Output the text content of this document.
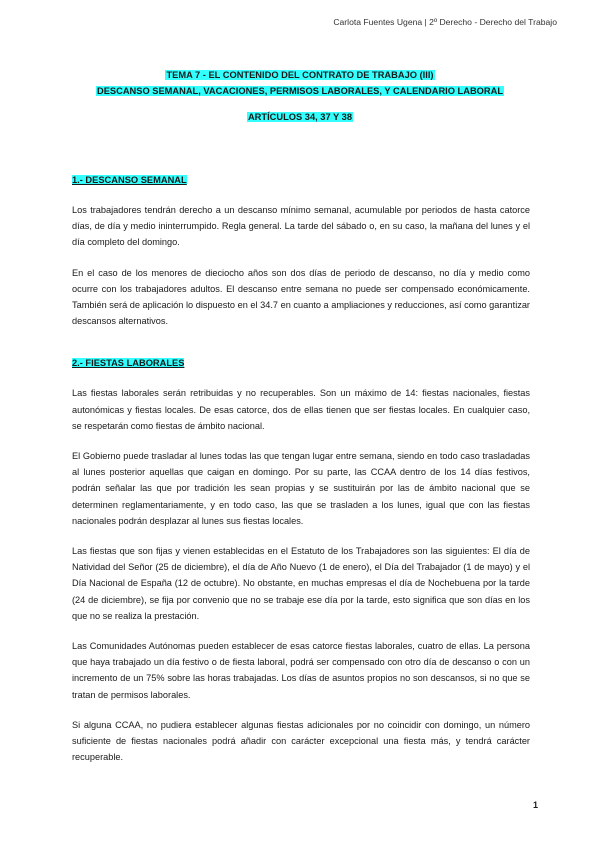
Carlota Fuentes Ugena | 2º Derecho - Derecho del Trabajo

TEMA 7 - EL CONTENIDO DEL CONTRATO DE TRABAJO (III)

DESCANSO SEMANAL, VACACIONES, PERMISOS LABORALES, Y CALENDARIO LABORAL

ARTÍCULOS 34, 37 Y 38
1.- DESCANSO SEMANAL

Los trabajadores tendrán derecho a un descanso mínimo semanal, acumulable por periodos de hasta catorce días, de día y medio ininterrumpido. Regla general. La tarde del sábado o, en su caso, la mañana del lunes y el día completo del domingo.

En el caso de los menores de dieciocho años son dos días de periodo de descanso, no día y medio como ocurre con los trabajadores adultos. El descanso entre semana no puede ser compensado económicamente. También será de aplicación lo dispuesto en el 34.7 en cuanto a ampliaciones y reducciones, así como garantizar descansos alternativos.

2.- FIESTAS LABORALES

Las fiestas laborales serán retribuidas y no recuperables. Son un máximo de 14: fiestas nacionales, fiestas autonómicas y fiestas locales. De esas catorce, dos de ellas tienen que ser fiestas locales. En cualquier caso, se respetarán como fiestas de ámbito nacional.

El Gobierno puede trasladar al lunes todas las que tengan lugar entre semana, siendo en todo caso trasladadas al lunes posterior aquellas que caigan en domingo. Por su parte, las CCAA dentro de los 14 días festivos, podrán señalar las que por tradición les sean propias y se sustituirán por las de ámbito nacional que se determinen reglamentariamente, y en todo caso, las que se trasladen a los lunes, igual que con las fiestas nacionales podrán desplazar al lunes sus fiestas locales.

Las fiestas que son fijas y vienen establecidas en el Estatuto de los Trabajadores son las siguientes: El día de Natividad del Señor (25 de diciembre), el día de Año Nuevo (1 de enero), el Día del Trabajador (1 de mayo) y el Día Nacional de España (12 de octubre). No obstante, en muchas empresas el día de Nochebuena por la tarde (24 de diciembre), se fija por convenio que no se trabaje ese día por la tarde, esto significa que son días en los que no se realiza la prestación.

Las Comunidades Autónomas pueden establecer de esas catorce fiestas laborales, cuatro de ellas. La persona que haya trabajado un día festivo o de fiesta laboral, podrá ser compensado con otro día de descanso o con un incremento de un 75% sobre las horas trabajadas. Los días de asuntos propios no son descansos, si no que se tratan de permisos laborales.

Si alguna CCAA, no pudiera establecer algunas fiestas adicionales por no coincidir con domingo, un número suficiente de fiestas nacionales podrá añadir con carácter excepcional una fiesta más, y tendrá carácter recuperable.

1
